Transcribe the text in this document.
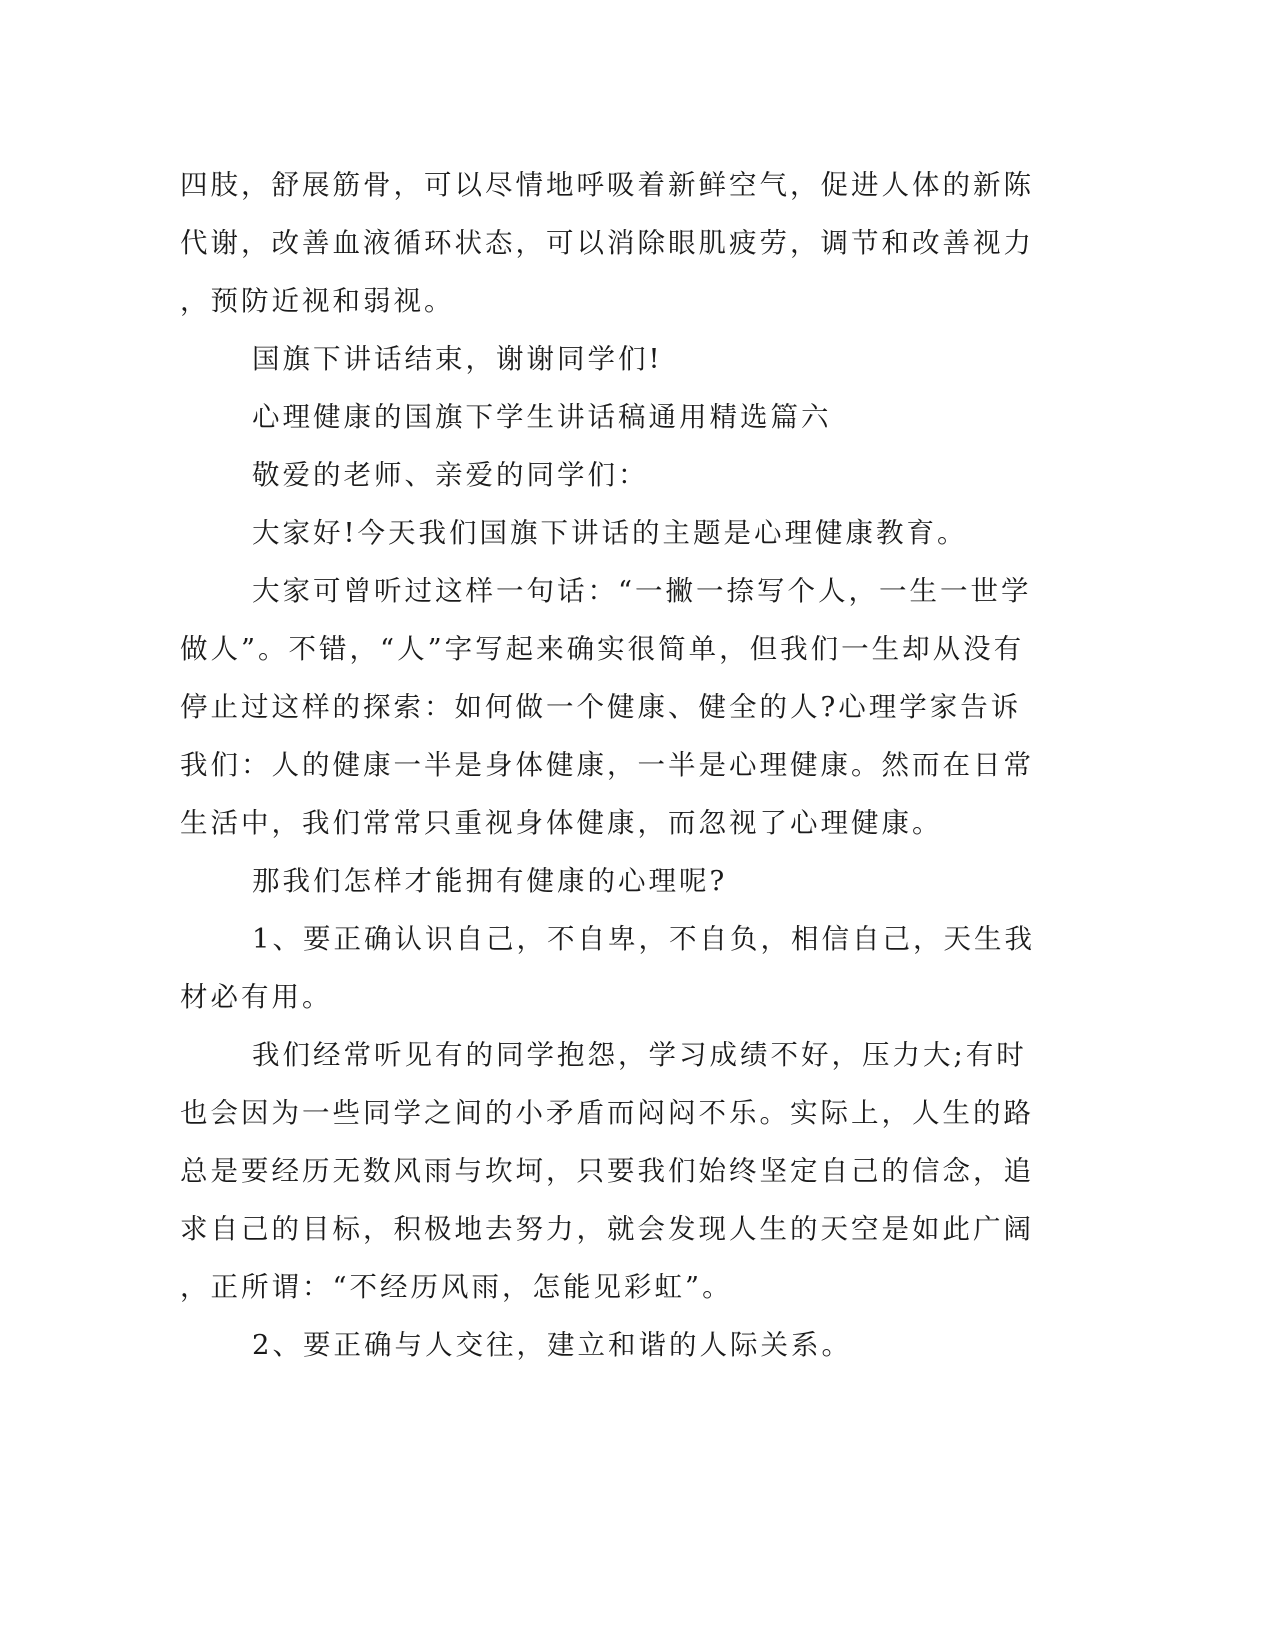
四肢，舒展筋骨，可以尽情地呼吸着新鲜空气，促进人体的新陈代谢，改善血液循环状态，可以消除眼肌疲劳，调节和改善视力，预防近视和弱视。

国旗下讲话结束，谢谢同学们!

心理健康的国旗下学生讲话稿通用精选篇六

敬爱的老师、亲爱的同学们：

大家好!今天我们国旗下讲话的主题是心理健康教育。

大家可曾听过这样一句话：“一撇一捺写个人，一生一世学做人”。不错，“人”字写起来确实很简单，但我们一生却从没有停止过这样的探索：如何做一个健康、健全的人?心理学家告诉我们：人的健康一半是身体健康，一半是心理健康。然而在日常生活中，我们常常只重视身体健康，而忽视了心理健康。

那我们怎样才能拥有健康的心理呢?

1、要正确认识自己，不自卑，不自负，相信自己，天生我材必有用。

我们经常听见有的同学抱怨，学习成绩不好，压力大;有时也会因为一些同学之间的小矛盾而闷闷不乐。实际上，人生的路总是要经历无数风雨与坎坷，只要我们始终坚定自己的信念，追求自己的目标，积极地去努力，就会发现人生的天空是如此广阔，正所谓：“不经历风雨，怎能见彩虹”。

2、要正确与人交往，建立和谐的人际关系。
